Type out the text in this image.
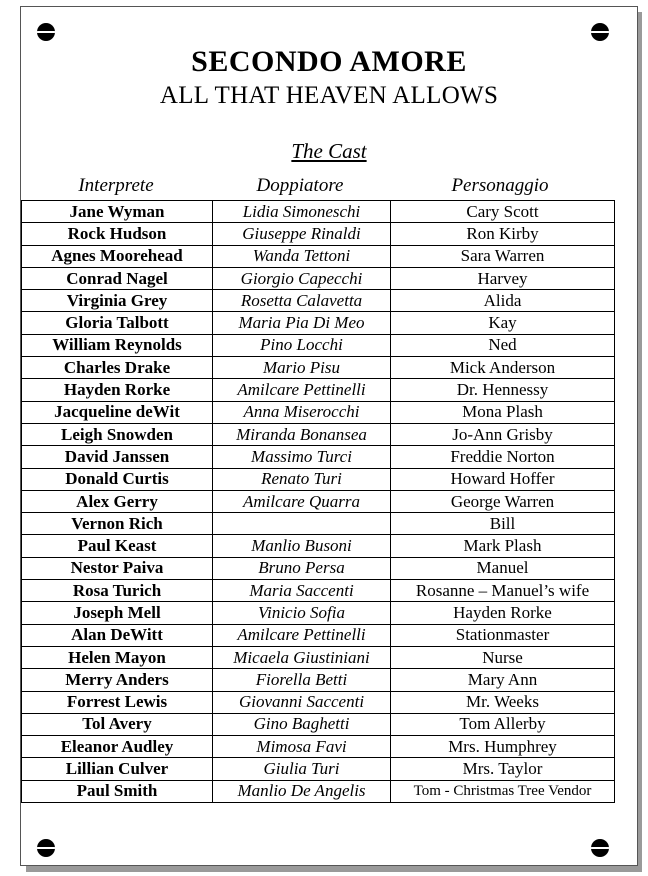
SECONDO AMORE
ALL THAT HEAVEN ALLOWS
The Cast
Interprete	Doppiatore	Personaggio
Jane Wyman	Lidia Simoneschi	Cary Scott
Rock Hudson	Giuseppe Rinaldi	Ron Kirby
Agnes Moorehead	Wanda Tettoni	Sara Warren
Conrad Nagel	Giorgio Capecchi	Harvey
Virginia Grey	Rosetta Calavetta	Alida
Gloria Talbott	Maria Pia Di Meo	Kay
William Reynolds	Pino Locchi	Ned
Charles Drake	Mario Pisu	Mick Anderson
Hayden Rorke	Amilcare Pettinelli	Dr. Hennessy
Jacqueline deWit	Anna Miserocchi	Mona Plash
Leigh Snowden	Miranda Bonansea	Jo-Ann Grisby
David Janssen	Massimo Turci	Freddie Norton
Donald Curtis	Renato Turi	Howard Hoffer
Alex Gerry	Amilcare Quarra	George Warren
Vernon Rich		Bill
Paul Keast	Manlio Busoni	Mark Plash
Nestor Paiva	Bruno Persa	Manuel
Rosa Turich	Maria Saccenti	Rosanne – Manuel’s wife
Joseph Mell	Vinicio Sofia	Hayden Rorke
Alan DeWitt	Amilcare Pettinelli	Stationmaster
Helen Mayon	Micaela Giustiniani	Nurse
Merry Anders	Fiorella Betti	Mary Ann
Forrest Lewis	Giovanni Saccenti	Mr. Weeks
Tol Avery	Gino Baghetti	Tom Allerby
Eleanor Audley	Mimosa Favi	Mrs. Humphrey
Lillian Culver	Giulia Turi	Mrs. Taylor
Paul Smith	Manlio De Angelis	Tom - Christmas Tree Vendor
